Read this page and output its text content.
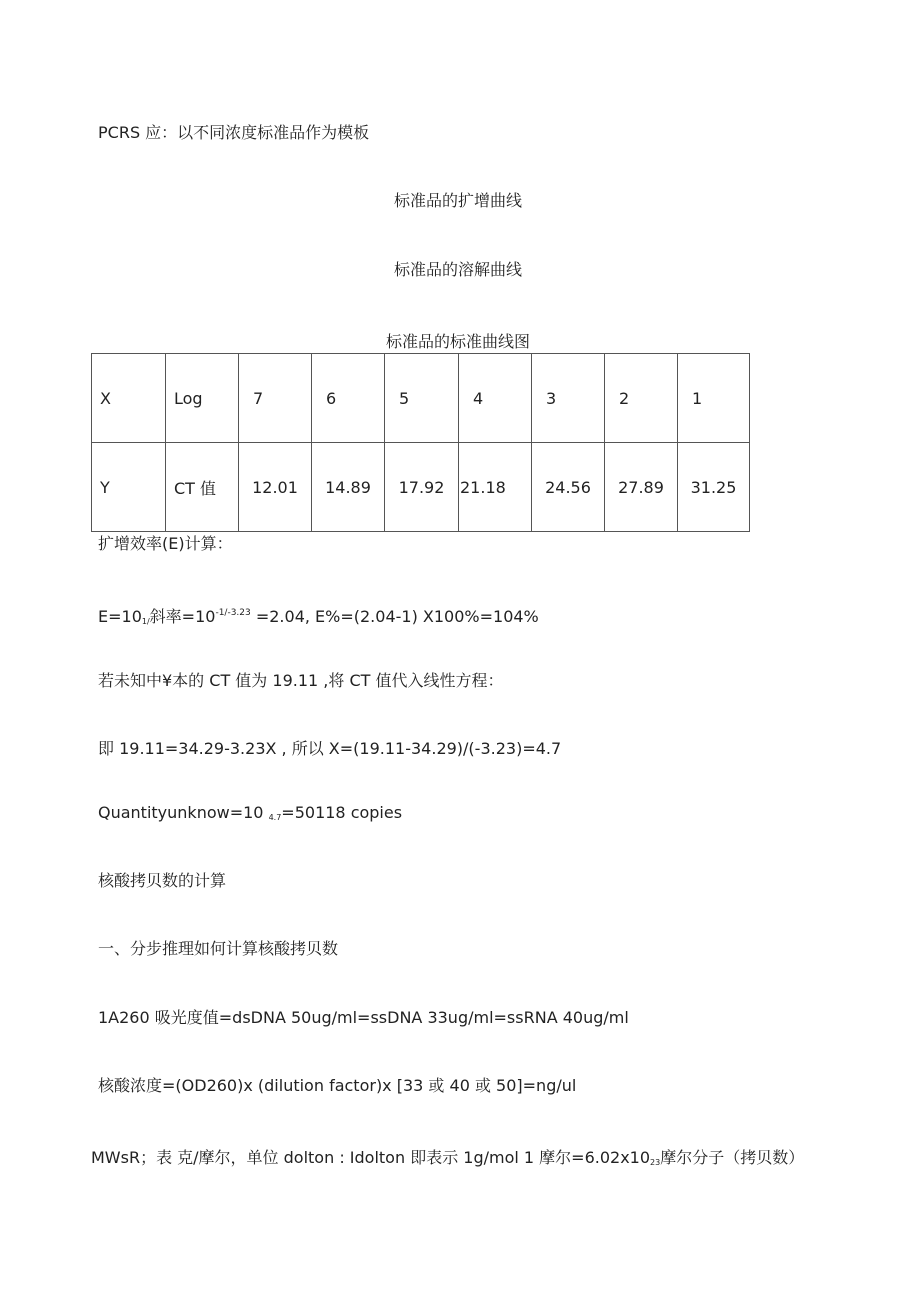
PCRS 应：以不同浓度标准品作为模板
标准品的扩增曲线
标准品的溶解曲线
标准品的标准曲线图
X	Log	7	6	5	4	3	2	1
Y	CT 值	12.01	14.89	17.92	21.18	24.56	27.89	31.25
扩增效率(E)计算：
E=101/斜率$=10^{-1/-3.23} =2.04$, E%=(2.04-1) X100%=104%
若未知中¥本的 CT 值为 19.11 ,将 CT 值代入线性方程：
即 19.11=34.29-3.23X , 所以 X=(19.11-34.29)/(-3.23)=4.7
Quantityunknow=10 4.7=50118 copies
核酸拷贝数的计算
一、分步推理如何计算核酸拷贝数
1A260 吸光度值=dsDNA 50ug/ml=ssDNA 33ug/ml=ssRNA 40ug/ml
核酸浓度=(OD260)x (dilution factor)x [33 或 40 或 50]=ng/ul
MWsR；表 克/摩尔，单位 dolton : Idolton 即表示 1g/mol 1 摩尔=6.02x1023摩尔分子（拷贝数）
